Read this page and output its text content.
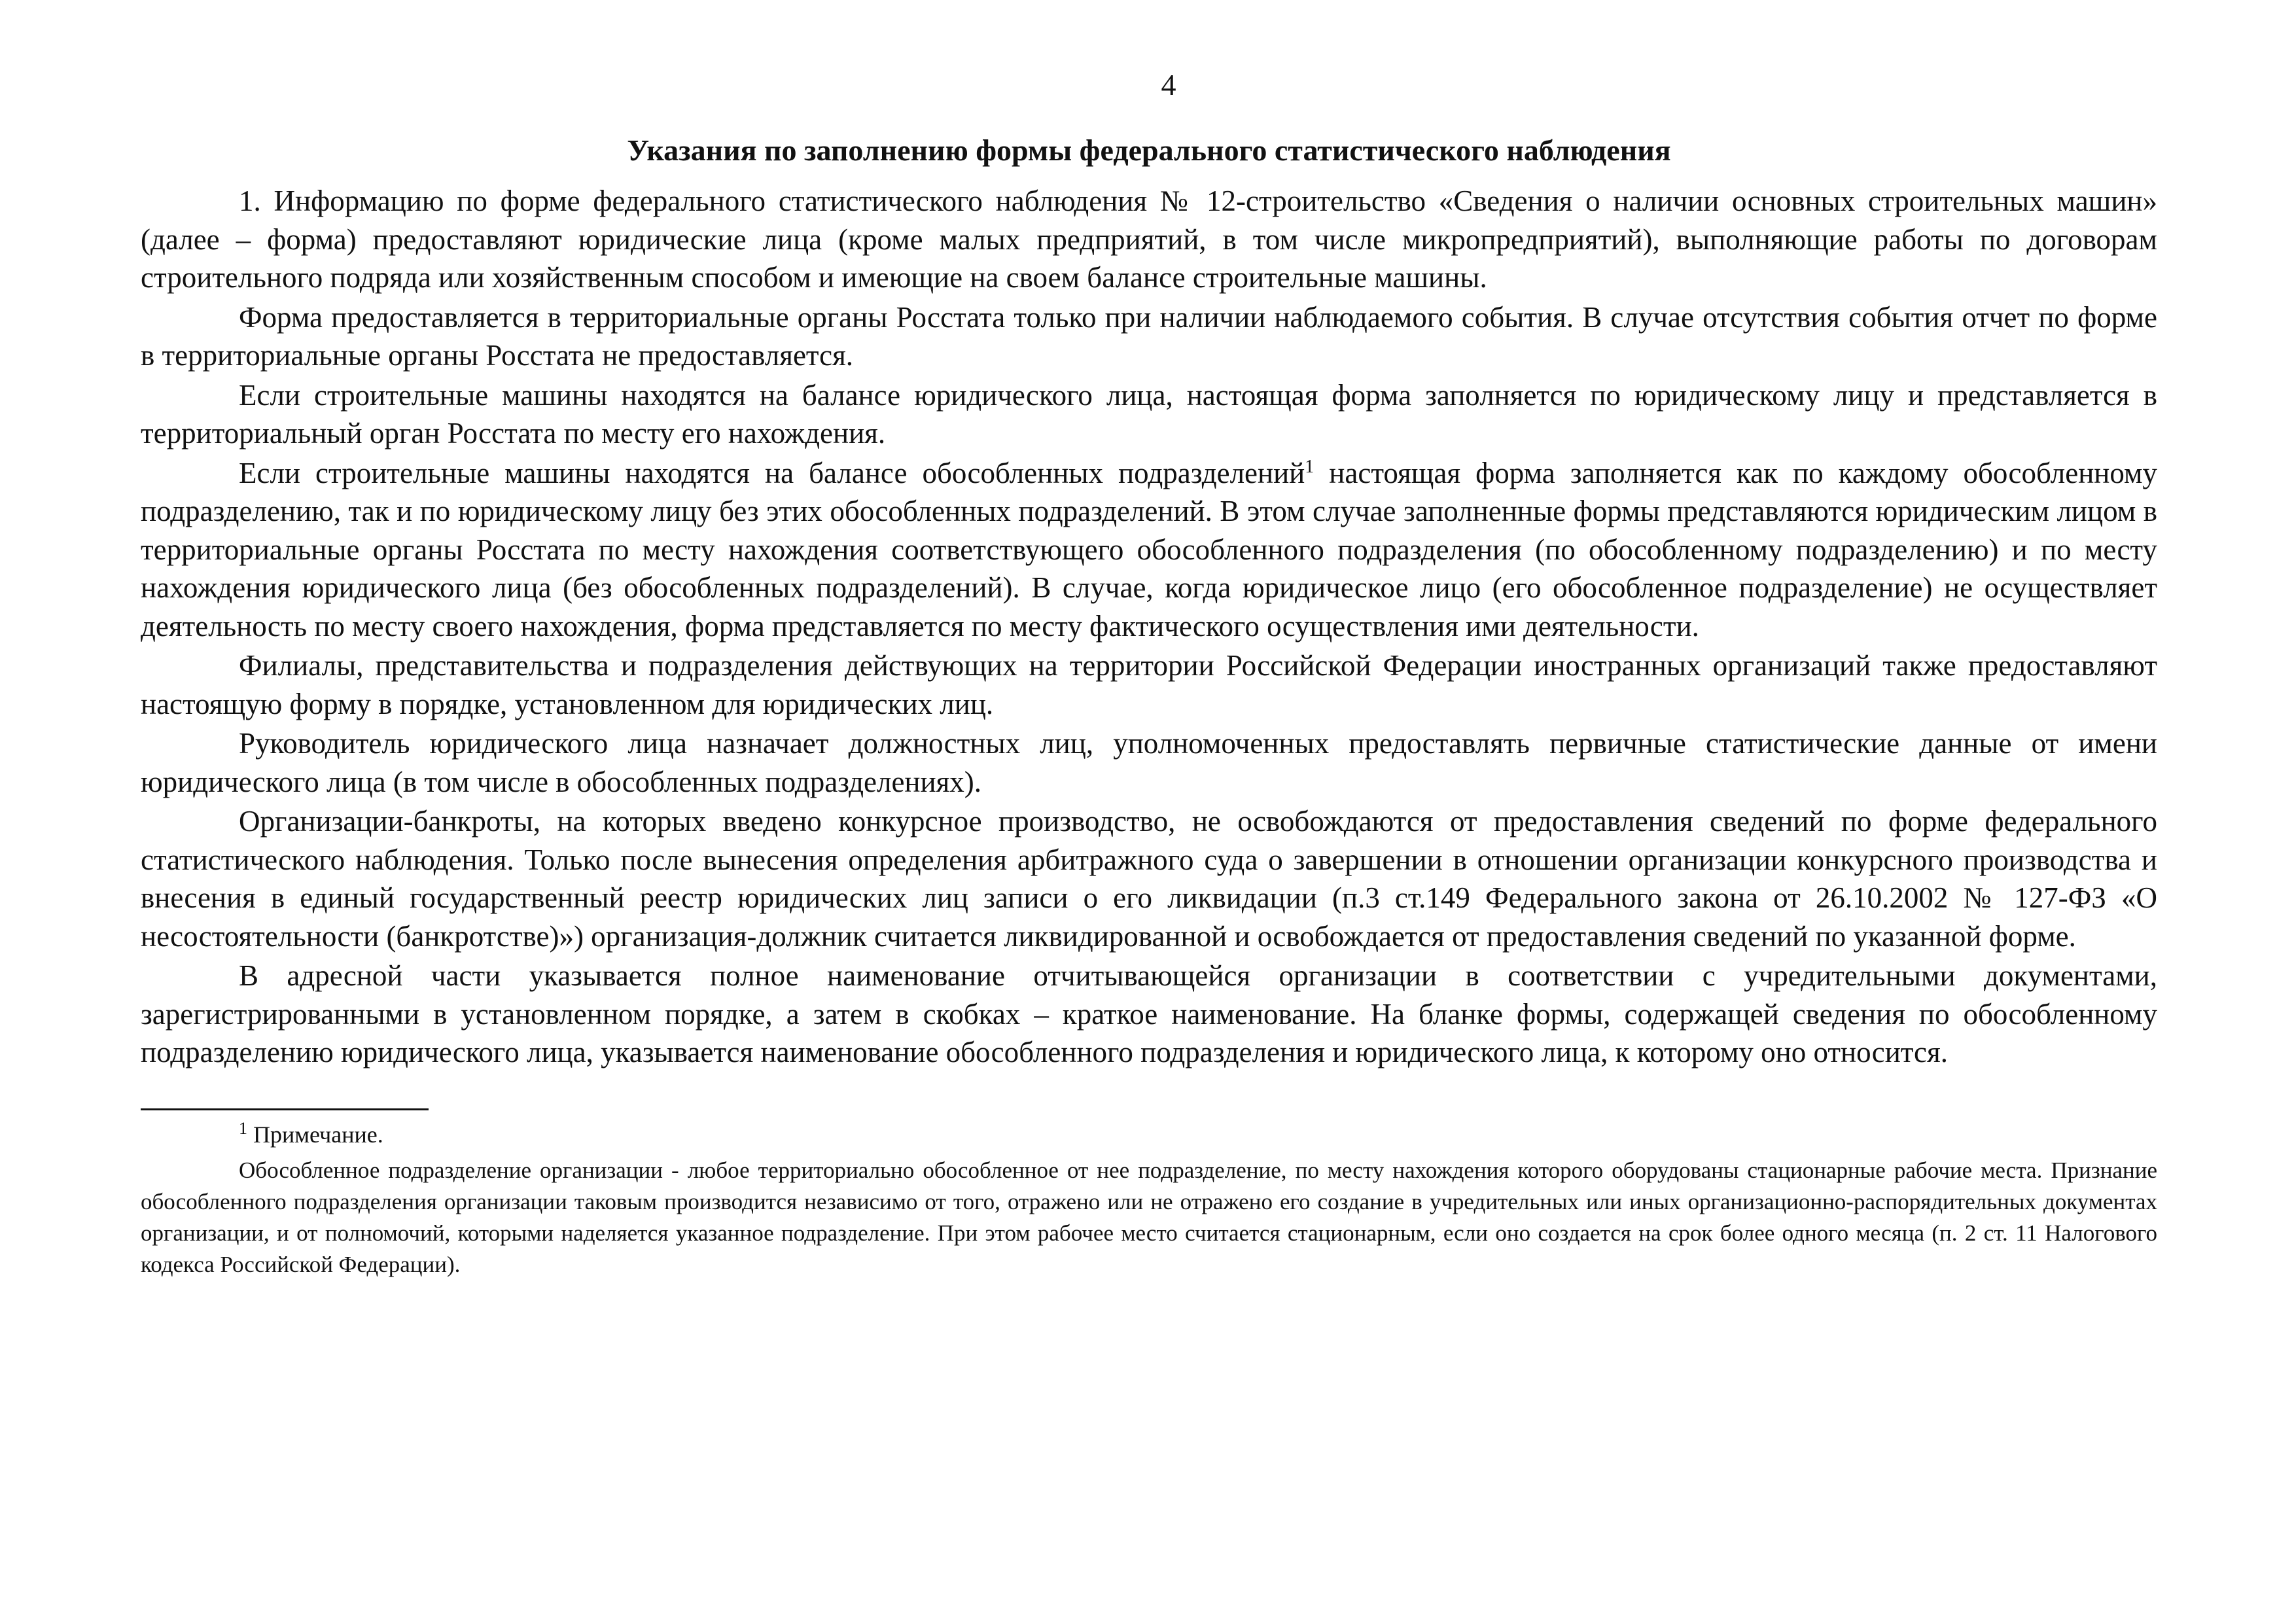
4
Указания по заполнению формы федерального статистического наблюдения

1. Информацию по форме федерального статистического наблюдения № 12-строительство «Сведения о наличии основных строительных машин» (далее – форма) предоставляют юридические лица (кроме малых предприятий, в том числе микропредприятий), выполняющие работы по договорам строительного подряда или хозяйственным способом и имеющие на своем балансе строительные машины.

Форма предоставляется в территориальные органы Росстата только при наличии наблюдаемого события. В случае отсутствия события отчет по форме в территориальные органы Росстата не предоставляется.

Если строительные машины находятся на балансе юридического лица, настоящая форма заполняется по юридическому лицу и представляется в территориальный орган Росстата по месту его нахождения.

Если строительные машины находятся на балансе обособленных подразделений$^1$ настоящая форма заполняется как по каждому обособленному подразделению, так и по юридическому лицу без этих обособленных подразделений. В этом случае заполненные формы представляются юридическим лицом в территориальные органы Росстата по месту нахождения соответствующего обособленного подразделения (по обособленному подразделению) и по месту нахождения юридического лица (без обособленных подразделений). В случае, когда юридическое лицо (его обособленное подразделение) не осуществляет деятельность по месту своего нахождения, форма представляется по месту фактического осуществления ими деятельности.

Филиалы, представительства и подразделения действующих на территории Российской Федерации иностранных организаций также предоставляют настоящую форму в порядке, установленном для юридических лиц.

Руководитель юридического лица назначает должностных лиц, уполномоченных предоставлять первичные статистические данные от имени юридического лица (в том числе в обособленных подразделениях).

Организации-банкроты, на которых введено конкурсное производство, не освобождаются от предоставления сведений по форме федерального статистического наблюдения. Только после вынесения определения арбитражного суда о завершении в отношении организации конкурсного производства и внесения в единый государственный реестр юридических лиц записи о его ликвидации (п.3 ст.149 Федерального закона от 26.10.2002 № 127-ФЗ «О несостоятельности (банкротстве)») организация-должник считается ликвидированной и освобождается от предоставления сведений по указанной форме.

В адресной части указывается полное наименование отчитывающейся организации в соответствии с учредительными документами, зарегистрированными в установленном порядке, а затем в скобках – краткое наименование. На бланке формы, содержащей сведения по обособленному подразделению юридического лица, указывается наименование обособленного подразделения и юридического лица, к которому оно относится.

$^1$ Примечание.

Обособленное подразделение организации - любое территориально обособленное от нее подразделение, по месту нахождения которого оборудованы стационарные рабочие места. Признание обособленного подразделения организации таковым производится независимо от того, отражено или не отражено его создание в учредительных или иных организационно-распорядительных документах организации, и от полномочий, которыми наделяется указанное подразделение. При этом рабочее место считается стационарным, если оно создается на срок более одного месяца (п. 2 ст. 11 Налогового кодекса Российской Федерации).
